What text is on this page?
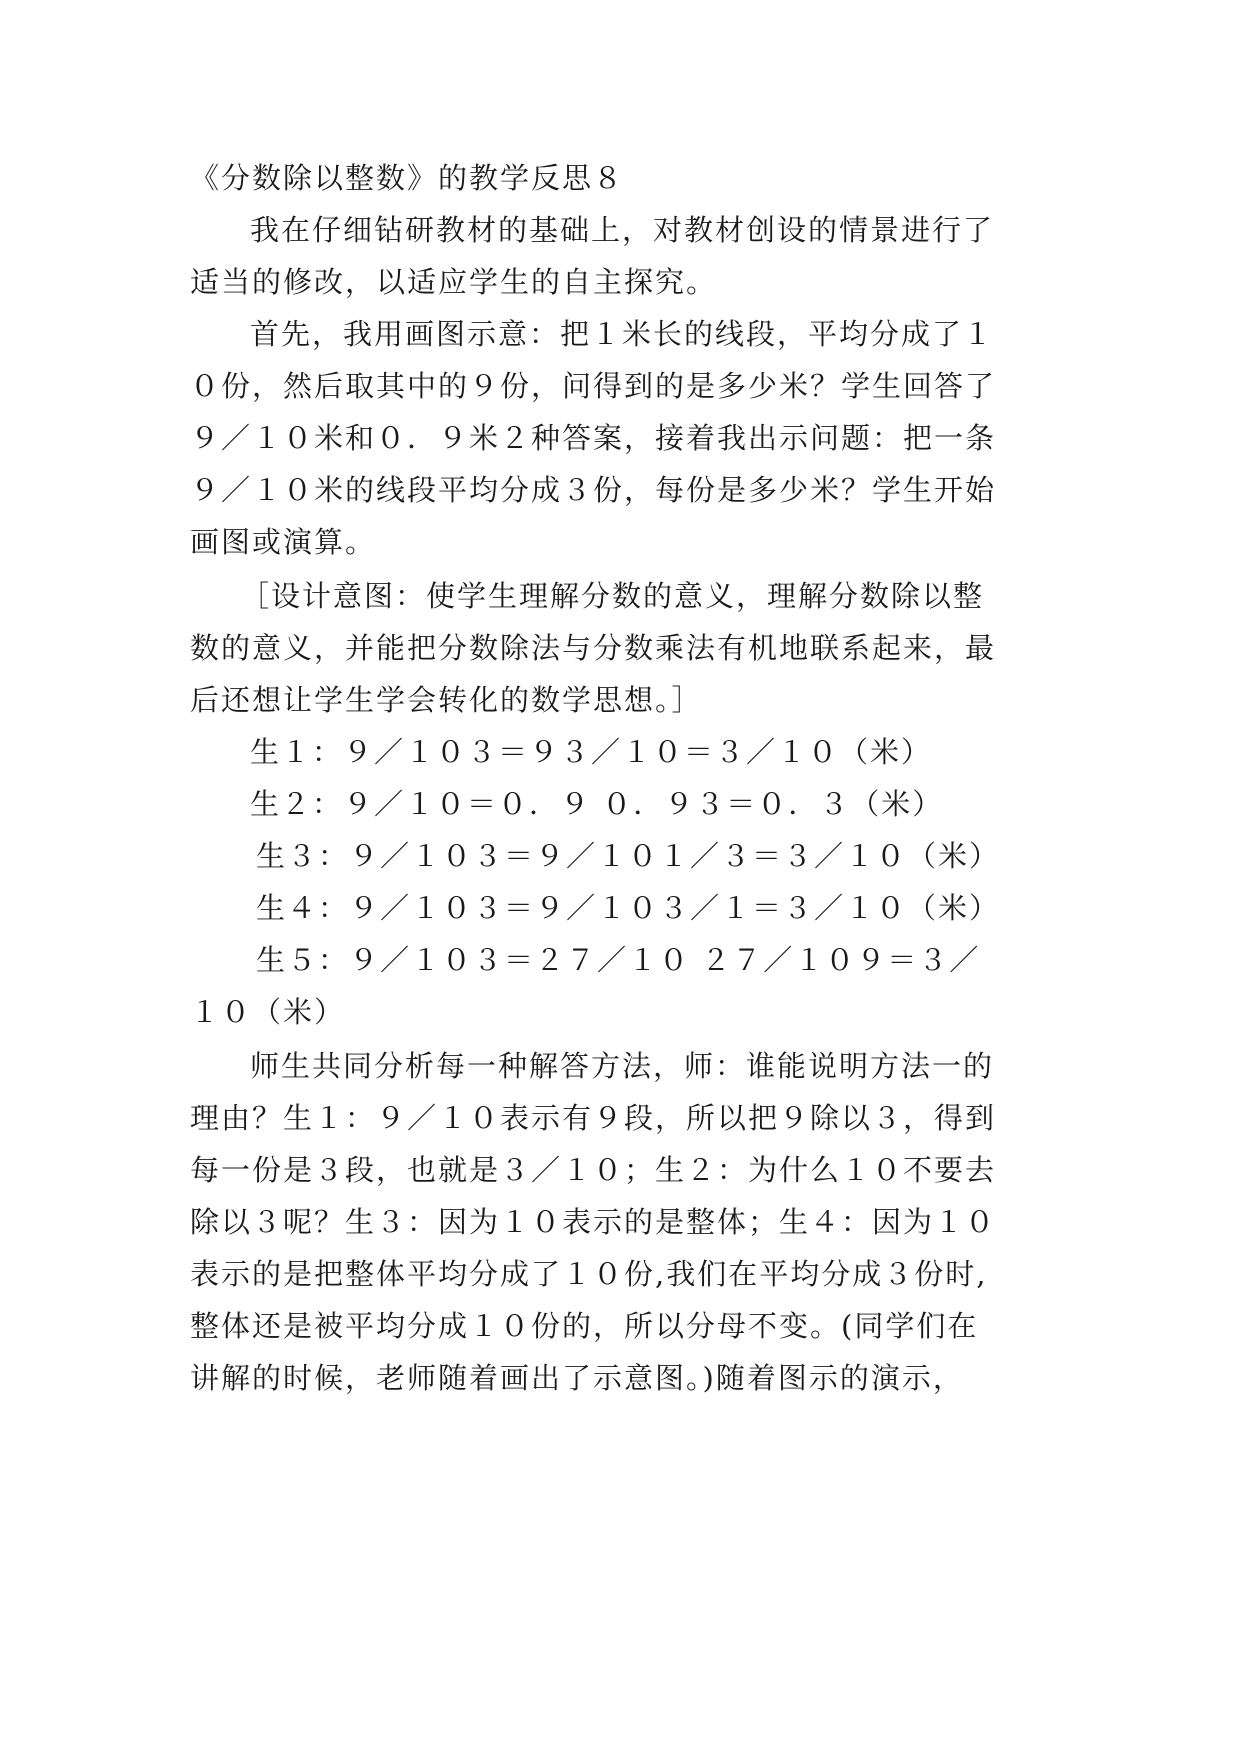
《分数除以整数》的教学反思８
我在仔细钻研教材的基础上，对教材创设的情景进行了
适当的修改，以适应学生的自主探究。
首先，我用画图示意：把１米长的线段，平均分成了１
０份，然后取其中的９份，问得到的是多少米？学生回答了
９／１０米和０．９米２种答案，接着我出示问题：把一条
９／１０米的线段平均分成３份，每份是多少米？学生开始
画图或演算。
［设计意图：使学生理解分数的意义，理解分数除以整
数的意义，并能把分数除法与分数乘法有机地联系起来，最
后还想让学生学会转化的数学思想。］
生１：９／１０３＝９３／１０＝３／１０（米）
生２：９／１０＝０．９ ０．９３＝０．３（米）
生３：９／１０３＝９／１０１／３＝３／１０（米）
生４：９／１０３＝９／１０３／１＝３／１０（米）
生５：９／１０３＝２７／１０ ２７／１０９＝３／
１０（米）
师生共同分析每一种解答方法，师：谁能说明方法一的
理由？生１：９／１０表示有９段，所以把９除以３，得到
每一份是３段，也就是３／１０；生２：为什么１０不要去
除以３呢？生３：因为１０表示的是整体；生４：因为１０
表示的是把整体平均分成了１０份,我们在平均分成３份时,
整体还是被平均分成１０份的，所以分母不变。(同学们在
讲解的时候，老师随着画出了示意图。)随着图示的演示，
